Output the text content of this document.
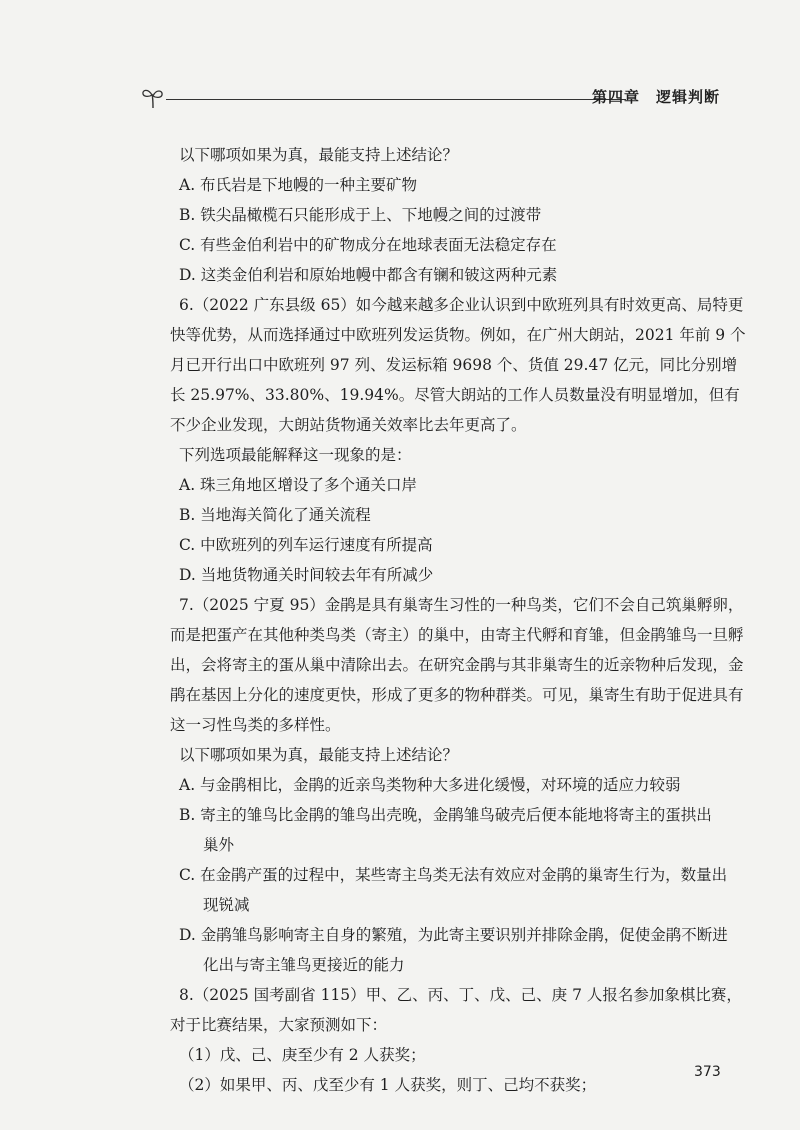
第四章　逻辑判断

以下哪项如果为真，最能支持上述结论？

A. 布氏岩是下地幔的一种主要矿物

B. 铁尖晶橄榄石只能形成于上、下地幔之间的过渡带

C. 有些金伯利岩中的矿物成分在地球表面无法稳定存在

D. 这类金伯利岩和原始地幔中都含有镧和铍这两种元素

6.（2022 广东县级 65）如今越来越多企业认识到中欧班列具有时效更高、局特更快等优势，从而选择通过中欧班列发运货物。例如，在广州大朗站，2021 年前 9 个月已开行出口中欧班列 97 列、发运标箱 9698 个、货值 29.47 亿元，同比分别增长 25.97%、33.80%、19.94%。尽管大朗站的工作人员数量没有明显增加，但有不少企业发现，大朗站货物通关效率比去年更高了。

下列选项最能解释这一现象的是：

A. 珠三角地区增设了多个通关口岸

B. 当地海关简化了通关流程

C. 中欧班列的列车运行速度有所提高

D. 当地货物通关时间较去年有所减少

7.（2025 宁夏 95）金鹃是具有巢寄生习性的一种鸟类，它们不会自己筑巢孵卵，而是把蛋产在其他种类鸟类（寄主）的巢中，由寄主代孵和育雏，但金鹃雏鸟一旦孵出，会将寄主的蛋从巢中清除出去。在研究金鹃与其非巢寄生的近亲物种后发现，金鹃在基因上分化的速度更快，形成了更多的物种群类。可见，巢寄生有助于促进具有这一习性鸟类的多样性。

以下哪项如果为真，最能支持上述结论？

A. 与金鹃相比，金鹃的近亲鸟类物种大多进化缓慢，对环境的适应力较弱

B. 寄主的雏鸟比金鹃的雏鸟出壳晚，金鹃雏鸟破壳后便本能地将寄主的蛋拱出
巢外

C. 在金鹃产蛋的过程中，某些寄主鸟类无法有效应对金鹃的巢寄生行为，数量出
现锐减

D. 金鹃雏鸟影响寄主自身的繁殖，为此寄主要识别并排除金鹃，促使金鹃不断进
化出与寄主雏鸟更接近的能力

8.（2025 国考副省 115）甲、乙、丙、丁、戊、己、庚 7 人报名参加象棋比赛，对于比赛结果，大家预测如下：

（1）戊、己、庚至少有 2 人获奖；

（2）如果甲、丙、戊至少有 1 人获奖，则丁、己均不获奖；

373
